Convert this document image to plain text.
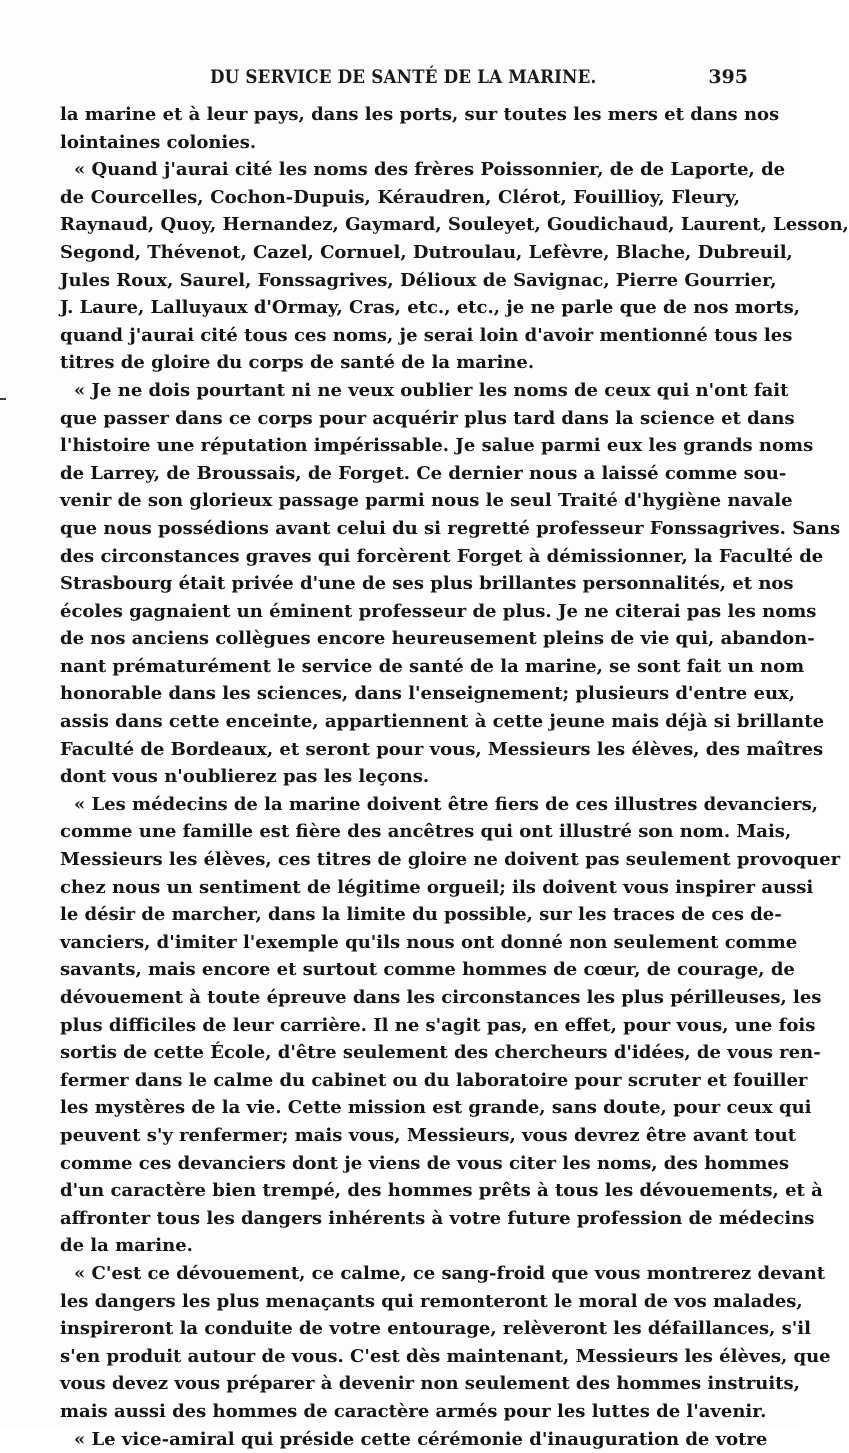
DU SERVICE DE SANTÉ DE LA MARINE.	395
la marine et à leur pays, dans les ports, sur toutes les mers et dans nos
lointaines colonies.
« Quand j'aurai cité les noms des frères Poissonnier, de de Laporte, de
de Courcelles, Cochon-Dupuis, Kéraudren, Clérot, Fouillioy, Fleury,
Raynaud, Quoy, Hernandez, Gaymard, Souleyet, Goudichaud, Laurent, Lesson,
Segond, Thévenot, Cazel, Cornuel, Dutroulau, Lefèvre, Blache, Dubreuil,
Jules Roux, Saurel, Fonssagrives, Délioux de Savignac, Pierre Gourrier,
J. Laure, Lalluyaux d'Ormay, Cras, etc., etc., je ne parle que de nos morts,
quand j'aurai cité tous ces noms, je serai loin d'avoir mentionné tous les
titres de gloire du corps de santé de la marine.
« Je ne dois pourtant ni ne veux oublier les noms de ceux qui n'ont fait
que passer dans ce corps pour acquérir plus tard dans la science et dans
l'histoire une réputation impérissable. Je salue parmi eux les grands noms
de Larrey, de Broussais, de Forget. Ce dernier nous a laissé comme sou-
venir de son glorieux passage parmi nous le seul Traité d'hygiène navale
que nous possédions avant celui du si regretté professeur Fonssagrives. Sans
des circonstances graves qui forcèrent Forget à démissionner, la Faculté de
Strasbourg était privée d'une de ses plus brillantes personnalités, et nos
écoles gagnaient un éminent professeur de plus. Je ne citerai pas les noms
de nos anciens collègues encore heureusement pleins de vie qui, abandon-
nant prématurément le service de santé de la marine, se sont fait un nom
honorable dans les sciences, dans l'enseignement; plusieurs d'entre eux,
assis dans cette enceinte, appartiennent à cette jeune mais déjà si brillante
Faculté de Bordeaux, et seront pour vous, Messieurs les élèves, des maîtres
dont vous n'oublierez pas les leçons.
« Les médecins de la marine doivent être fiers de ces illustres devanciers,
comme une famille est fière des ancêtres qui ont illustré son nom. Mais,
Messieurs les élèves, ces titres de gloire ne doivent pas seulement provoquer
chez nous un sentiment de légitime orgueil; ils doivent vous inspirer aussi
le désir de marcher, dans la limite du possible, sur les traces de ces de-
vanciers, d'imiter l'exemple qu'ils nous ont donné non seulement comme
savants, mais encore et surtout comme hommes de cœur, de courage, de
dévouement à toute épreuve dans les circonstances les plus périlleuses, les
plus difficiles de leur carrière. Il ne s'agit pas, en effet, pour vous, une fois
sortis de cette École, d'être seulement des chercheurs d'idées, de vous ren-
fermer dans le calme du cabinet ou du laboratoire pour scruter et fouiller
les mystères de la vie. Cette mission est grande, sans doute, pour ceux qui
peuvent s'y renfermer; mais vous, Messieurs, vous devrez être avant tout
comme ces devanciers dont je viens de vous citer les noms, des hommes
d'un caractère bien trempé, des hommes prêts à tous les dévouements, et à
affronter tous les dangers inhérents à votre future profession de médecins
de la marine.
« C'est ce dévouement, ce calme, ce sang-froid que vous montrerez devant
les dangers les plus menaçants qui remonteront le moral de vos malades,
inspireront la conduite de votre entourage, relèveront les défaillances, s'il
s'en produit autour de vous. C'est dès maintenant, Messieurs les élèves, que
vous devez vous préparer à devenir non seulement des hommes instruits,
mais aussi des hommes de caractère armés pour les luttes de l'avenir.
« Le vice-amiral qui préside cette cérémonie d'inauguration de votre
